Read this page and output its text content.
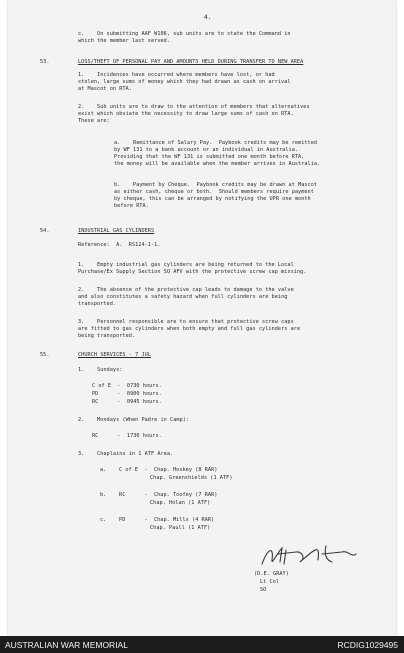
4.
c.    On submitting AAF W106, sub units are to state the Command in
which the member last served.
53.	LOSS/THEFT OF PERSONAL PAY AND AMOUNTS HELD DURING TRANSFER TO NEW AREA
1.    Incidences have occurred where members have lost, or had
stolen, large sums of money which they had drawn as cash on arrival
at Mascot on RTA.
2.    Sub units are to draw to the attention of members that alternatives
exist which obviate the necessity to draw large sums of cash on RTA.
These are:
a.    Remittance of Salary Pay.  Paybook credits may be remitted
by WF 131 to a bank account or an individual in Australia.
Providing that the WF 131 is submitted one month before RTA,
the money will be available when the member arrives in Australia.
b.    Payment by Cheque.  Paybook credits may be drawn at Mascot
as either cash, cheque or both.  Should members require payment
by cheque, this can be arranged by notifying the UPR one month
before RTA.
54.	INDUSTRIAL GAS CYLINDERS
Reference:  A.  RS124-1-1.
1.    Empty industrial gas cylinders are being returned to the Local
Purchase/Ex Supply Section SQ AFV with the protective screw cap missing.
2.    The absence of the protective cap leads to damage to the valve
and also constitutes a safety hazard when full cylinders are being
transported.
3.    Personnel responsible are to ensure that protective screw caps
are fitted to gas cylinders when both empty and full gas cylinders are
being transported.
55.	CHURCH SERVICES - 7 JUL
1.    Sundays:
C of E  -  0730 hours.
PD      -  0900 hours.
RC      -  0945 hours.
2.    Mondays (When Padre in Camp):
RC      -  1730 hours.
3.    Chaplains in 1 ATF Area.
a.    C of E  -  Chap. Hoskey (8 RAR)
Chap. Greenshields (1 ATF)
b.    RC      -  Chap. Toofey (7 RAR)
Chap. Holan (1 ATF)
c.    PD      -  Chap. Mills (4 RAR)
Chap. Paull (1 ATF)
(D.E. GRAY)
Lt Col
SO
AUSTRALIAN WAR MEMORIAL	RCDIG1029495
